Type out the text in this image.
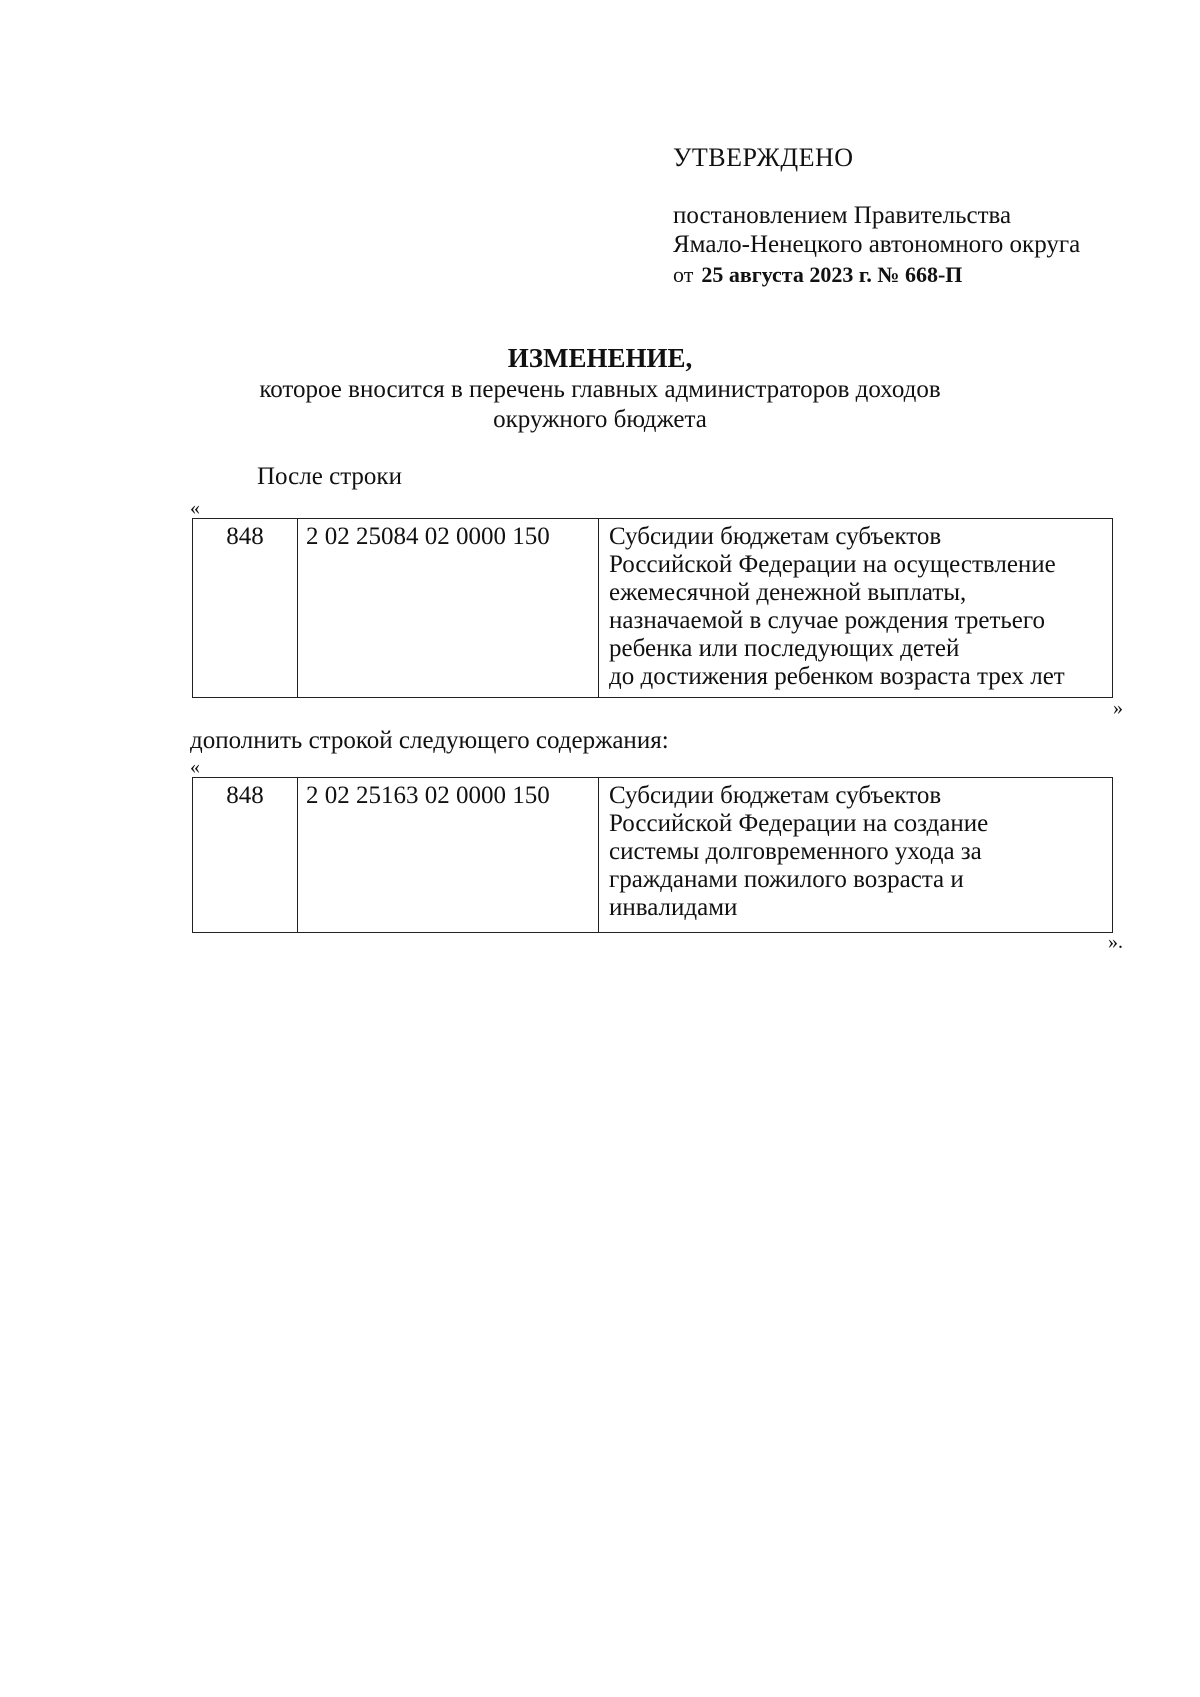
УТВЕРЖДЕНО
постановлением Правительства
Ямало-Ненецкого автономного округа
от 25 августа 2023 г. № 668-П
ИЗМЕНЕНИЕ,
которое вносится в перечень главных администраторов доходов
окружного бюджета
После строки
«
848	2 02 25084 02 0000 150	Субсидии бюджетам субъектов
Российской Федерации на осуществление
ежемесячной денежной выплаты,
назначаемой в случае рождения третьего
ребенка или последующих детей
до достижения ребенком возраста трех лет
»
дополнить строкой следующего содержания:
«
848	2 02 25163 02 0000 150	Субсидии бюджетам субъектов
Российской Федерации на создание
системы долговременного ухода за
гражданами пожилого возраста и
инвалидами
».
